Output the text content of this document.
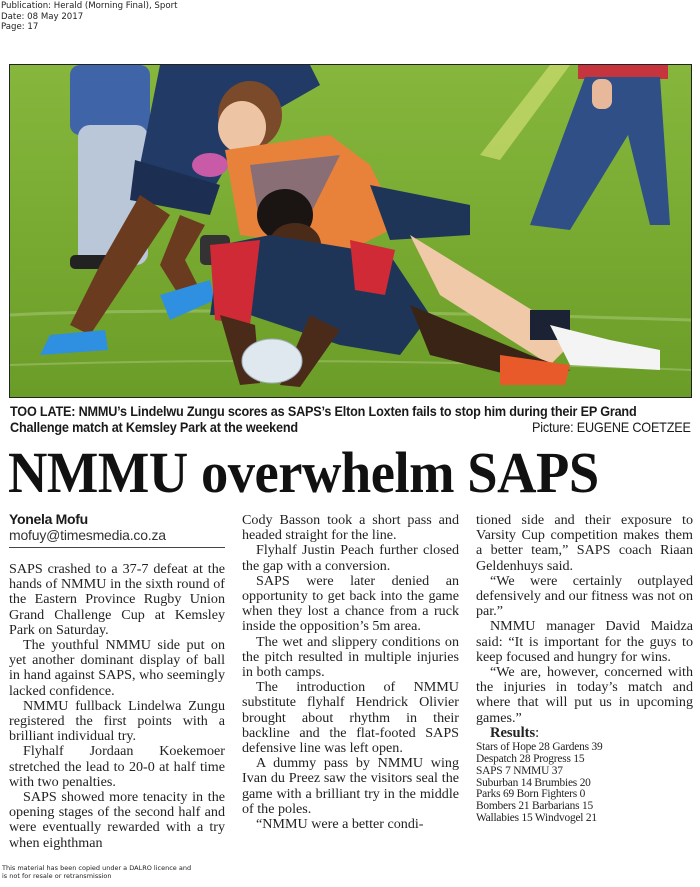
Publication: Herald (Morning Final), Sport
Date: 08 May 2017
Page: 17
TOO LATE: NMMU’s Lindelwu Zungu scores as SAPS’s Elton Loxten fails to stop him during their EP Grand Challenge match at Kemsley Park at the weekend	Picture: EUGENE COETZEE
NMMU overwhelm SAPS
Yonela Mofu
mofuy@timesmedia.co.za

SAPS crashed to a 37-7 defeat at the hands of NMMU in the sixth round of the Eastern Province Rugby Union Grand Challenge Cup at Kemsley Park on Saturday.

The youthful NMMU side put on yet another dominant display of ball in hand against SAPS, who seemingly lacked confidence.

NMMU fullback Lindelwa Zungu registered the first points with a brilliant individual try.

Flyhalf Jordaan Koekemoer stretched the lead to 20-0 at half time with two penalties.

SAPS showed more tenacity in the opening stages of the second half and were eventually rewarded with a try when eighthman

Cody Basson took a short pass and headed straight for the line.

Flyhalf Justin Peach further closed the gap with a conversion.

SAPS were later denied an opportunity to get back into the game when they lost a chance from a ruck inside the opposition’s 5m area.

The wet and slippery conditions on the pitch resulted in multiple injuries in both camps.

The introduction of NMMU substitute flyhalf Hendrick Olivier brought about rhythm in their backline and the flat-footed SAPS defensive line was left open.

A dummy pass by NMMU wing Ivan du Preez saw the visitors seal the game with a brilliant try in the middle of the poles.

“NMMU were a better condi-

tioned side and their exposure to Varsity Cup competition makes them a better team,” SAPS coach Riaan Geldenhuys said.

“We were certainly outplayed defensively and our fitness was not on par.”

NMMU manager David Maidza said: “It is important for the guys to keep focused and hungry for wins.

“We are, however, concerned with the injuries in today’s match and where that will put us in upcoming games.”

Results:
Stars of Hope 28 Gardens 39
Despatch 28 Progress 15
SAPS 7 NMMU 37
Suburban 14 Brumbies 20
Parks 69 Born Fighters 0
Bombers 21 Barbarians 15
Wallabies 15 Windvogel 21
This material has been copied under a DALRO licence and
is not for resale or retransmission
